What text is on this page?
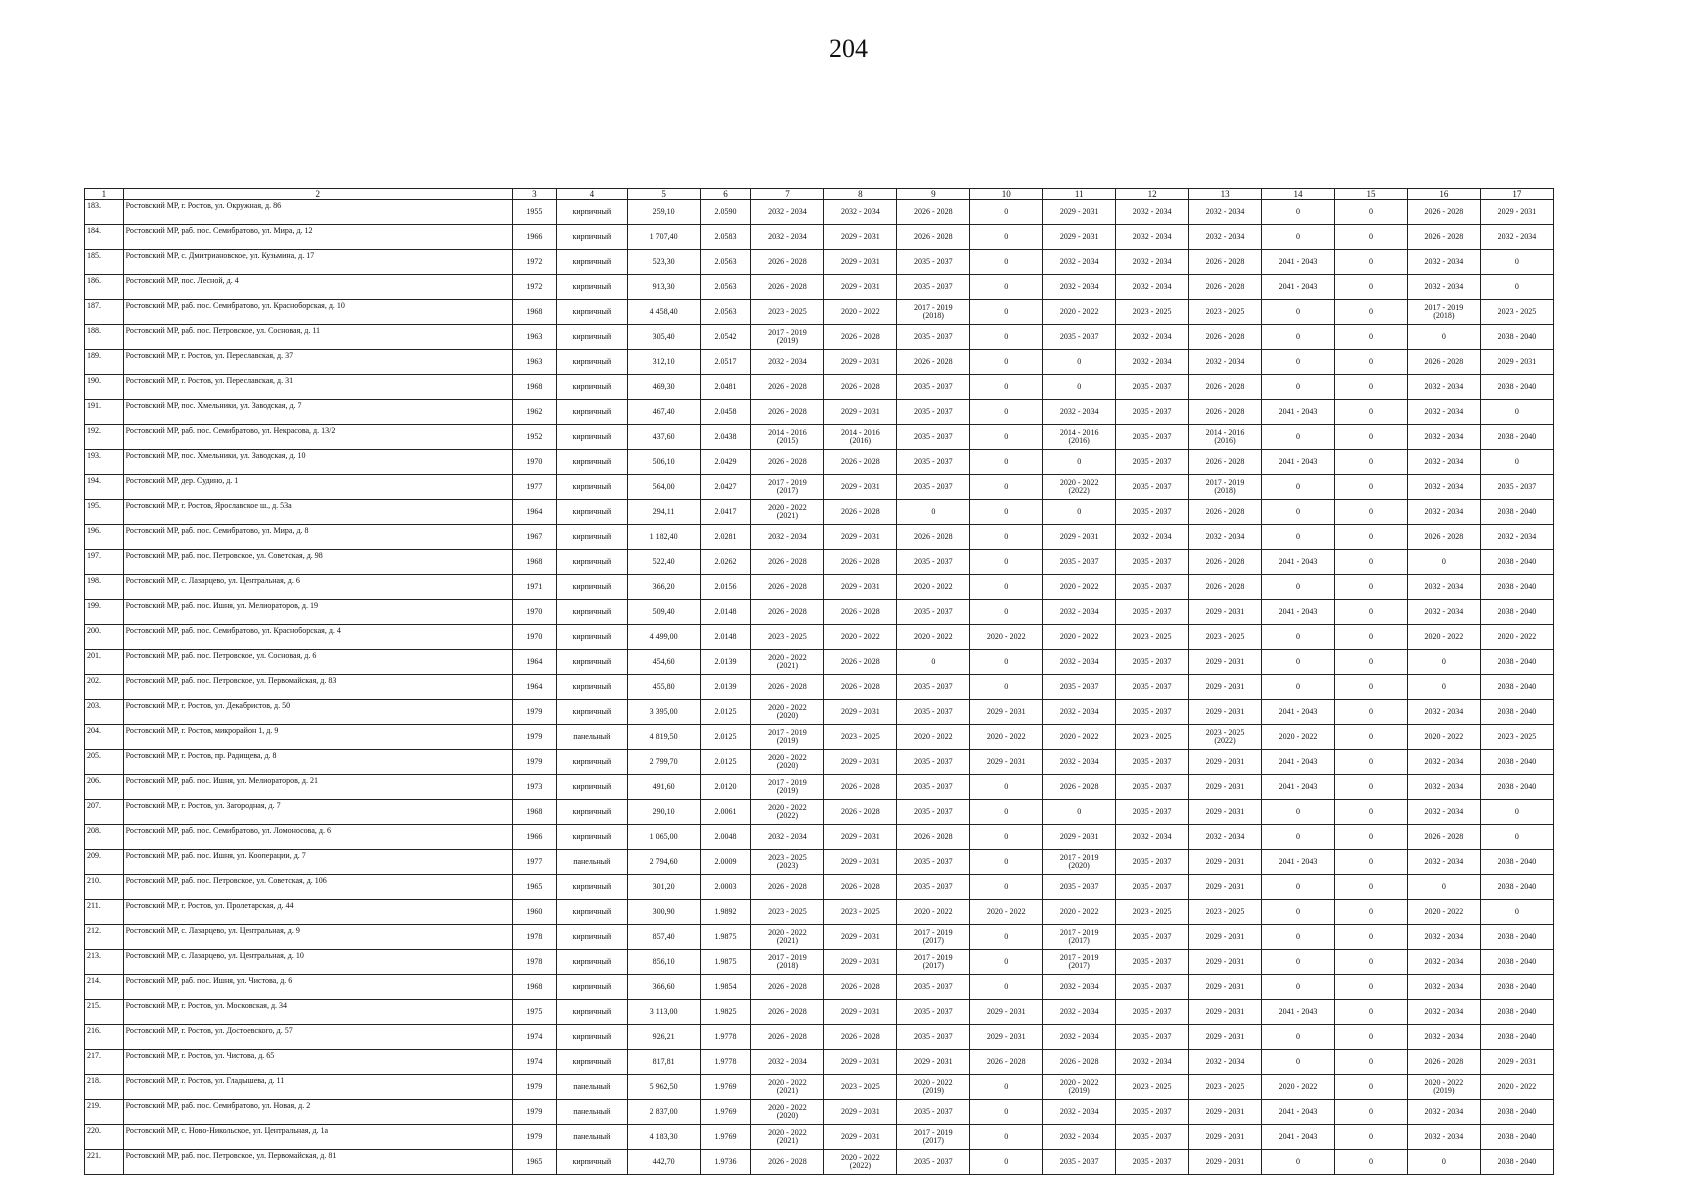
204
1	2	3	4	5	6	7	8	9	10	11	12	13	14	15	16	17
183.	Ростовский МР, г. Ростов, ул. Окружная, д. 86	1955	кирпичный	259,10	2.0590	2032 - 2034	2032 - 2034	2026 - 2028	0	2029 - 2031	2032 - 2034	2032 - 2034	0	0	2026 - 2028	2029 - 2031
184.	Ростовский МР, раб. пос. Семибратово, ул. Мира, д. 12	1966	кирпичный	1 707,40	2.0583	2032 - 2034	2029 - 2031	2026 - 2028	0	2029 - 2031	2032 - 2034	2032 - 2034	0	0	2026 - 2028	2032 - 2034
185.	Ростовский МР, с. Дмитриановское, ул. Кузьмина, д. 17	1972	кирпичный	523,30	2.0563	2026 - 2028	2029 - 2031	2035 - 2037	0	2032 - 2034	2032 - 2034	2026 - 2028	2041 - 2043	0	2032 - 2034	0
186.	Ростовский МР, пос. Лесной, д. 4	1972	кирпичный	913,30	2.0563	2026 - 2028	2029 - 2031	2035 - 2037	0	2032 - 2034	2032 - 2034	2026 - 2028	2041 - 2043	0	2032 - 2034	0
187.	Ростовский МР, раб. пос. Семибратово, ул. Красноборская, д. 10	1968	кирпичный	4 458,40	2.0563	2023 - 2025	2020 - 2022	2017 - 2019
(2018)	0	2020 - 2022	2023 - 2025	2023 - 2025	0	0	2017 - 2019
(2018)	2023 - 2025
188.	Ростовский МР, раб. пос. Петровское, ул. Сосновая, д. 11	1963	кирпичный	305,40	2.0542	2017 - 2019
(2019)	2026 - 2028	2035 - 2037	0	2035 - 2037	2032 - 2034	2026 - 2028	0	0	0	2038 - 2040
189.	Ростовский МР, г. Ростов, ул. Переславская, д. 37	1963	кирпичный	312,10	2.0517	2032 - 2034	2029 - 2031	2026 - 2028	0	0	2032 - 2034	2032 - 2034	0	0	2026 - 2028	2029 - 2031
190.	Ростовский МР, г. Ростов, ул. Переславская, д. 31	1968	кирпичный	469,30	2.0481	2026 - 2028	2026 - 2028	2035 - 2037	0	0	2035 - 2037	2026 - 2028	0	0	2032 - 2034	2038 - 2040
191.	Ростовский МР, пос. Хмельники, ул. Заводская, д. 7	1962	кирпичный	467,40	2.0458	2026 - 2028	2029 - 2031	2035 - 2037	0	2032 - 2034	2035 - 2037	2026 - 2028	2041 - 2043	0	2032 - 2034	0
192.	Ростовский МР, раб. пос. Семибратово, ул. Некрасова, д. 13/2	1952	кирпичный	437,60	2.0438	2014 - 2016
(2015)	2014 - 2016
(2016)	2035 - 2037	0	2014 - 2016
(2016)	2035 - 2037	2014 - 2016
(2016)	0	0	2032 - 2034	2038 - 2040
193.	Ростовский МР, пос. Хмельники, ул. Заводская, д. 10	1970	кирпичный	506,10	2.0429	2026 - 2028	2026 - 2028	2035 - 2037	0	0	2035 - 2037	2026 - 2028	2041 - 2043	0	2032 - 2034	0
194.	Ростовский МР, дер. Судино, д. 1	1977	кирпичный	564,00	2.0427	2017 - 2019
(2017)	2029 - 2031	2035 - 2037	0	2020 - 2022
(2022)	2035 - 2037	2017 - 2019
(2018)	0	0	2032 - 2034	2035 - 2037
195.	Ростовский МР, г. Ростов, Ярославское ш., д. 53а	1964	кирпичный	294,11	2.0417	2020 - 2022
(2021)	2026 - 2028	0	0	0	2035 - 2037	2026 - 2028	0	0	2032 - 2034	2038 - 2040
196.	Ростовский МР, раб. пос. Семибратово, ул. Мира, д. 8	1967	кирпичный	1 182,40	2.0281	2032 - 2034	2029 - 2031	2026 - 2028	0	2029 - 2031	2032 - 2034	2032 - 2034	0	0	2026 - 2028	2032 - 2034
197.	Ростовский МР, раб. пос. Петровское, ул. Советская, д. 98	1968	кирпичный	522,40	2.0262	2026 - 2028	2026 - 2028	2035 - 2037	0	2035 - 2037	2035 - 2037	2026 - 2028	2041 - 2043	0	0	2038 - 2040
198.	Ростовский МР, с. Лазарцево, ул. Центральная, д. 6	1971	кирпичный	366,20	2.0156	2026 - 2028	2029 - 2031	2020 - 2022	0	2020 - 2022	2035 - 2037	2026 - 2028	0	0	2032 - 2034	2038 - 2040
199.	Ростовский МР, раб. пос. Ишня, ул. Мелиораторов, д. 19	1970	кирпичный	509,40	2.0148	2026 - 2028	2026 - 2028	2035 - 2037	0	2032 - 2034	2035 - 2037	2029 - 2031	2041 - 2043	0	2032 - 2034	2038 - 2040
200.	Ростовский МР, раб. пос. Семибратово, ул. Красноборская, д. 4	1970	кирпичный	4 499,00	2.0148	2023 - 2025	2020 - 2022	2020 - 2022	2020 - 2022	2020 - 2022	2023 - 2025	2023 - 2025	0	0	2020 - 2022	2020 - 2022
201.	Ростовский МР, раб. пос. Петровское, ул. Сосновая, д. 6	1964	кирпичный	454,60	2.0139	2020 - 2022
(2021)	2026 - 2028	0	0	2032 - 2034	2035 - 2037	2029 - 2031	0	0	0	2038 - 2040
202.	Ростовский МР, раб. пос. Петровское, ул. Первомайская, д. 83	1964	кирпичный	455,80	2.0139	2026 - 2028	2026 - 2028	2035 - 2037	0	2035 - 2037	2035 - 2037	2029 - 2031	0	0	0	2038 - 2040
203.	Ростовский МР, г. Ростов, ул. Декабристов, д. 50	1979	кирпичный	3 395,00	2.0125	2020 - 2022
(2020)	2029 - 2031	2035 - 2037	2029 - 2031	2032 - 2034	2035 - 2037	2029 - 2031	2041 - 2043	0	2032 - 2034	2038 - 2040
204.	Ростовский МР, г. Ростов, микрорайон 1, д. 9	1979	панельный	4 819,50	2.0125	2017 - 2019
(2019)	2023 - 2025	2020 - 2022	2020 - 2022	2020 - 2022	2023 - 2025	2023 - 2025
(2022)	2020 - 2022	0	2020 - 2022	2023 - 2025
205.	Ростовский МР, г. Ростов, пр. Радищева, д. 8	1979	кирпичный	2 799,70	2.0125	2020 - 2022
(2020)	2029 - 2031	2035 - 2037	2029 - 2031	2032 - 2034	2035 - 2037	2029 - 2031	2041 - 2043	0	2032 - 2034	2038 - 2040
206.	Ростовский МР, раб. пос. Ишня, ул. Мелиораторов, д. 21	1973	кирпичный	491,60	2.0120	2017 - 2019
(2019)	2026 - 2028	2035 - 2037	0	2026 - 2028	2035 - 2037	2029 - 2031	2041 - 2043	0	2032 - 2034	2038 - 2040
207.	Ростовский МР, г. Ростов, ул. Загородная, д. 7	1968	кирпичный	290,10	2.0061	2020 - 2022
(2022)	2026 - 2028	2035 - 2037	0	0	2035 - 2037	2029 - 2031	0	0	2032 - 2034	0
208.	Ростовский МР, раб. пос. Семибратово, ул. Ломоносова, д. 6	1966	кирпичный	1 065,00	2.0048	2032 - 2034	2029 - 2031	2026 - 2028	0	2029 - 2031	2032 - 2034	2032 - 2034	0	0	2026 - 2028	0
209.	Ростовский МР, раб. пос. Ишня, ул. Кооперации, д. 7	1977	панельный	2 794,60	2.0009	2023 - 2025
(2023)	2029 - 2031	2035 - 2037	0	2017 - 2019
(2020)	2035 - 2037	2029 - 2031	2041 - 2043	0	2032 - 2034	2038 - 2040
210.	Ростовский МР, раб. пос. Петровское, ул. Советская, д. 106	1965	кирпичный	301,20	2.0003	2026 - 2028	2026 - 2028	2035 - 2037	0	2035 - 2037	2035 - 2037	2029 - 2031	0	0	0	2038 - 2040
211.	Ростовский МР, г. Ростов, ул. Пролетарская, д. 44	1960	кирпичный	300,90	1.9892	2023 - 2025	2023 - 2025	2020 - 2022	2020 - 2022	2020 - 2022	2023 - 2025	2023 - 2025	0	0	2020 - 2022	0
212.	Ростовский МР, с. Лазарцево, ул. Центральная, д. 9	1978	кирпичный	857,40	1.9875	2020 - 2022
(2021)	2029 - 2031	2017 - 2019
(2017)	0	2017 - 2019
(2017)	2035 - 2037	2029 - 2031	0	0	2032 - 2034	2038 - 2040
213.	Ростовский МР, с. Лазарцево, ул. Центральная, д. 10	1978	кирпичный	856,10	1.9875	2017 - 2019
(2018)	2029 - 2031	2017 - 2019
(2017)	0	2017 - 2019
(2017)	2035 - 2037	2029 - 2031	0	0	2032 - 2034	2038 - 2040
214.	Ростовский МР, раб. пос. Ишня, ул. Чистова, д. 6	1968	кирпичный	366,60	1.9854	2026 - 2028	2026 - 2028	2035 - 2037	0	2032 - 2034	2035 - 2037	2029 - 2031	0	0	2032 - 2034	2038 - 2040
215.	Ростовский МР, г. Ростов, ул. Московская, д. 34	1975	кирпичный	3 113,00	1.9825	2026 - 2028	2029 - 2031	2035 - 2037	2029 - 2031	2032 - 2034	2035 - 2037	2029 - 2031	2041 - 2043	0	2032 - 2034	2038 - 2040
216.	Ростовский МР, г. Ростов, ул. Достоевского, д. 57	1974	кирпичный	926,21	1.9778	2026 - 2028	2026 - 2028	2035 - 2037	2029 - 2031	2032 - 2034	2035 - 2037	2029 - 2031	0	0	2032 - 2034	2038 - 2040
217.	Ростовский МР, г. Ростов, ул. Чистова, д. 65	1974	кирпичный	817,81	1.9778	2032 - 2034	2029 - 2031	2029 - 2031	2026 - 2028	2026 - 2028	2032 - 2034	2032 - 2034	0	0	2026 - 2028	2029 - 2031
218.	Ростовский МР, г. Ростов, ул. Гладышева, д. 11	1979	панельный	5 962,50	1.9769	2020 - 2022
(2021)	2023 - 2025	2020 - 2022
(2019)	0	2020 - 2022
(2019)	2023 - 2025	2023 - 2025	2020 - 2022	0	2020 - 2022
(2019)	2020 - 2022
219.	Ростовский МР, раб. пос. Семибратово, ул. Новая, д. 2	1979	панельный	2 837,00	1.9769	2020 - 2022
(2020)	2029 - 2031	2035 - 2037	0	2032 - 2034	2035 - 2037	2029 - 2031	2041 - 2043	0	2032 - 2034	2038 - 2040
220.	Ростовский МР, с. Ново-Никольское, ул. Центральная, д. 1а	1979	панельный	4 183,30	1.9769	2020 - 2022
(2021)	2029 - 2031	2017 - 2019
(2017)	0	2032 - 2034	2035 - 2037	2029 - 2031	2041 - 2043	0	2032 - 2034	2038 - 2040
221.	Ростовский МР, раб. пос. Петровское, ул. Первомайская, д. 81	1965	кирпичный	442,70	1.9736	2026 - 2028	2020 - 2022
(2022)	2035 - 2037	0	2035 - 2037	2035 - 2037	2029 - 2031	0	0	0	2038 - 2040
